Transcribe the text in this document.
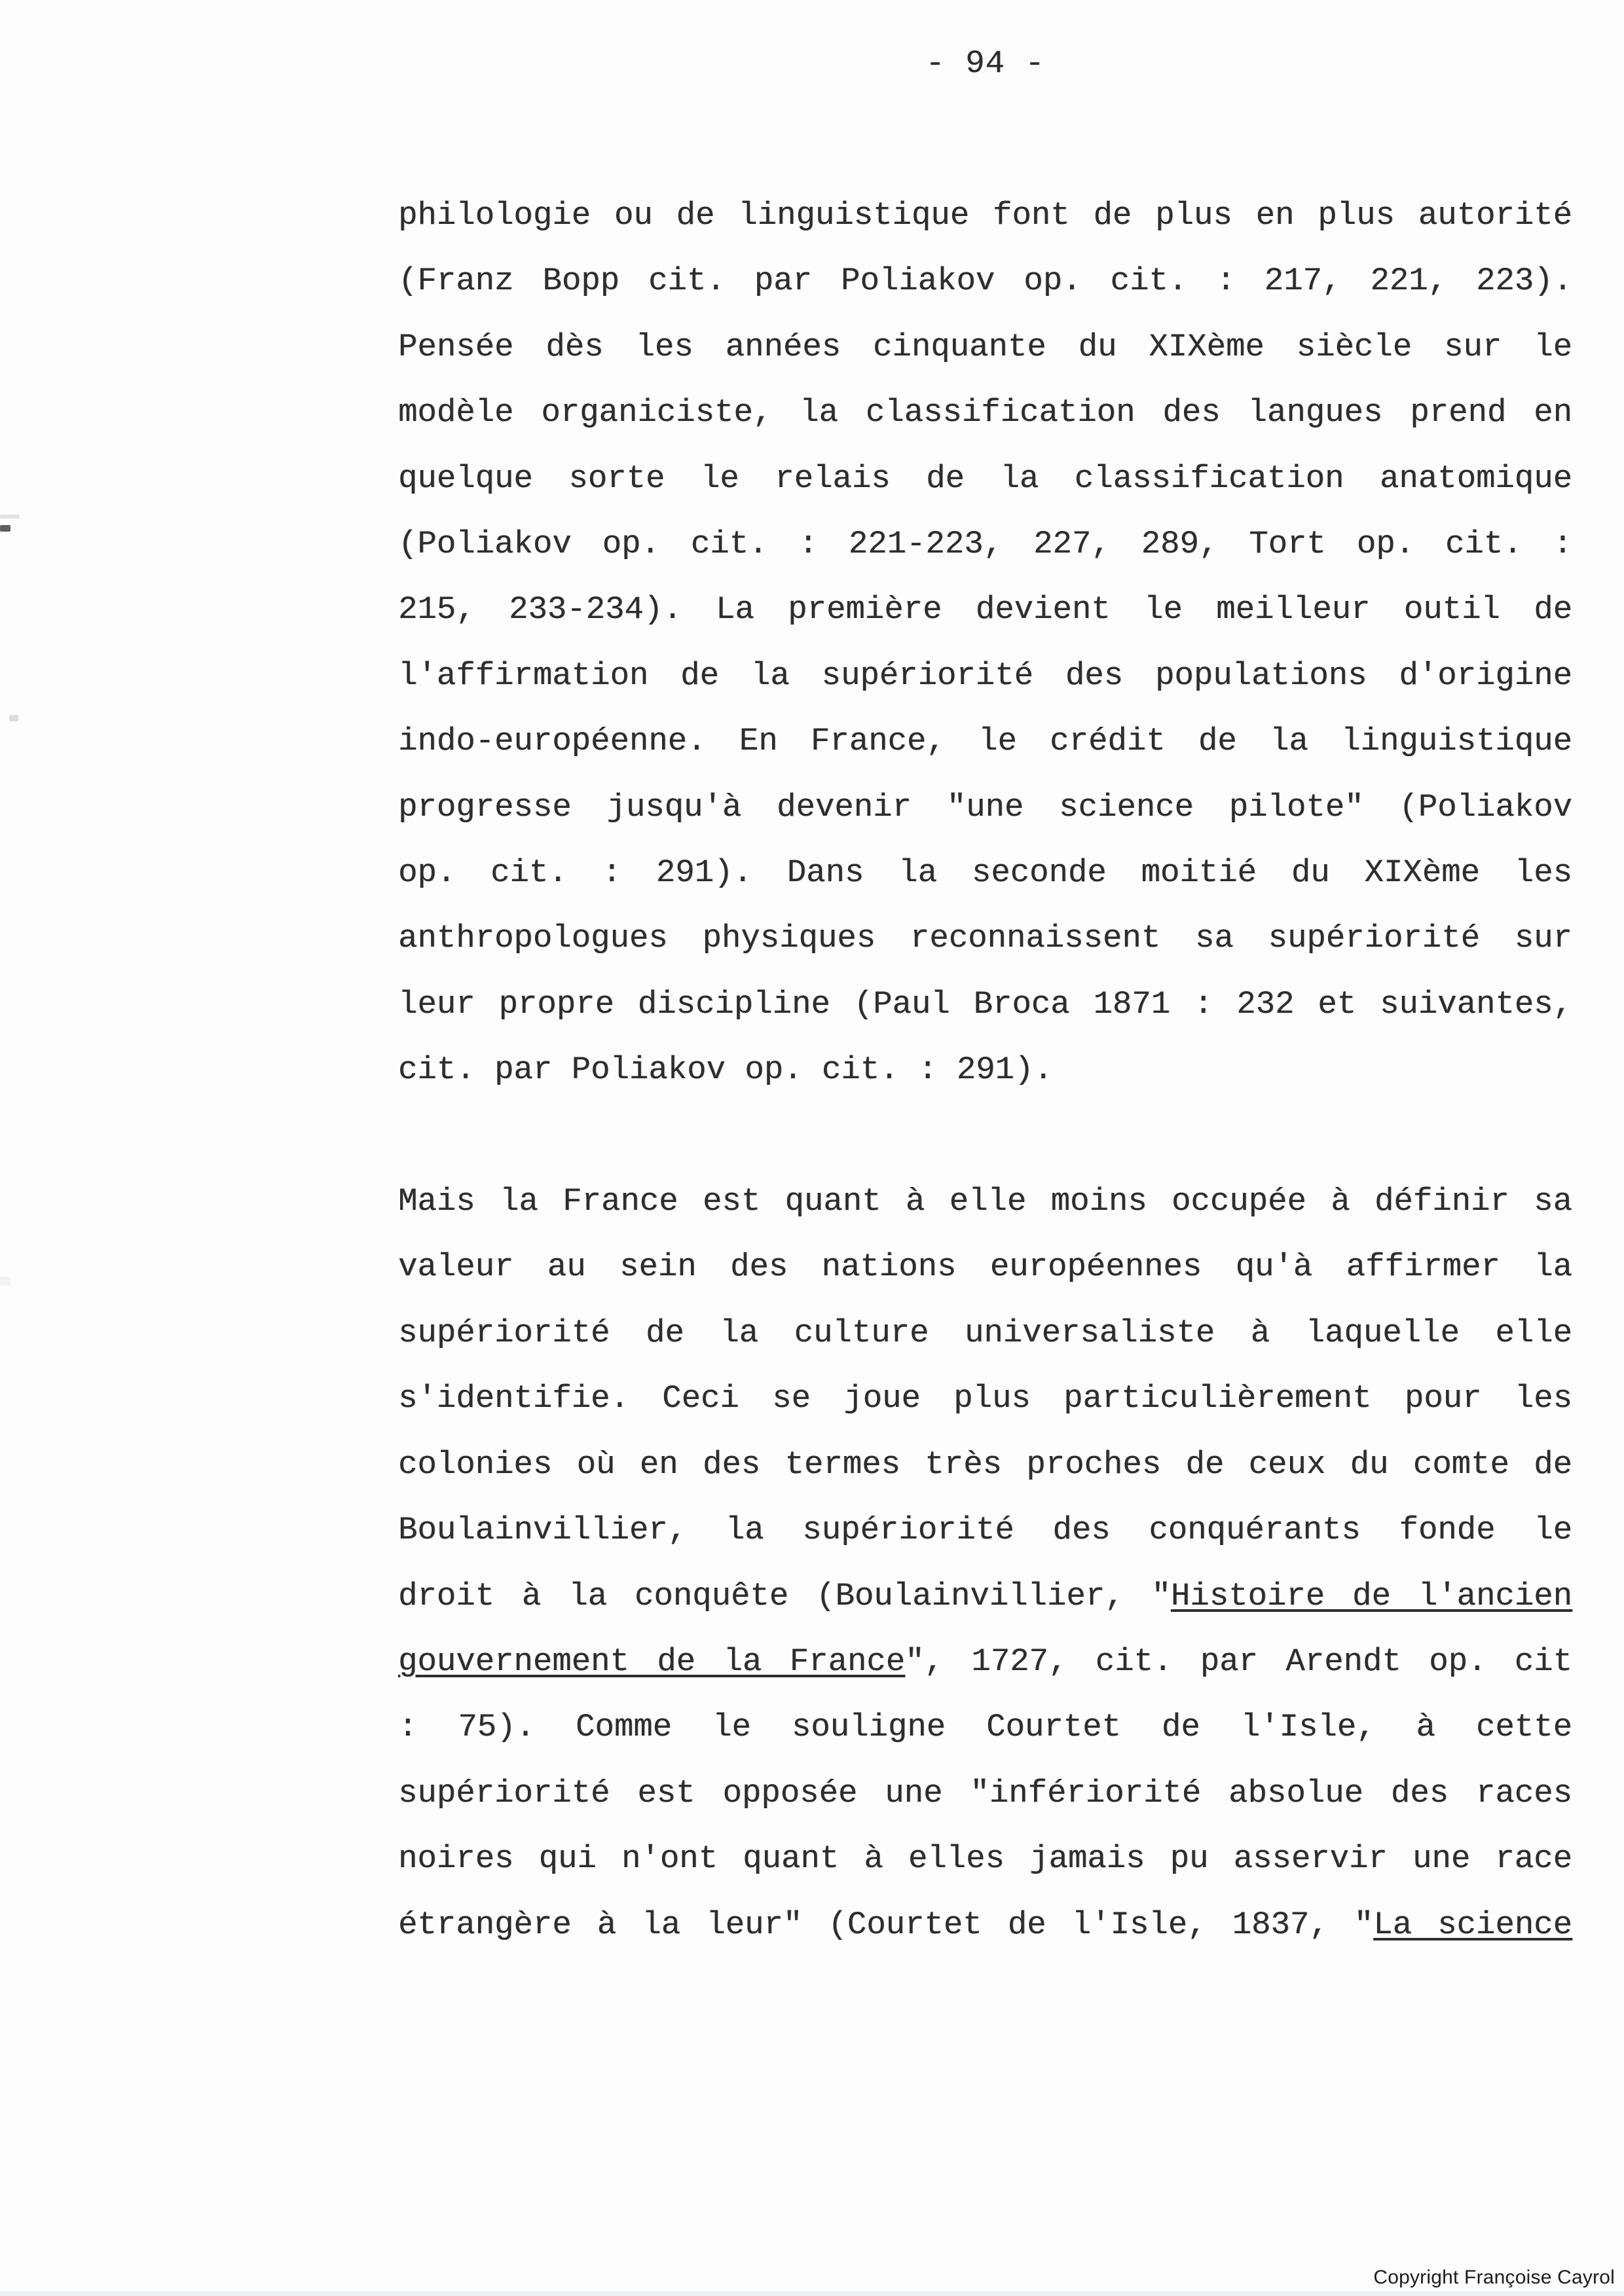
- 94 -
philologie ou de linguistique font de plus en plus autorité
(Franz Bopp cit. par Poliakov op. cit. : 217, 221, 223).
Pensée dès les années cinquante du XIXème siècle sur le
modèle organiciste, la classification des langues prend en
quelque sorte le relais de la classification anatomique
(Poliakov op. cit. : 221-223, 227, 289, Tort op. cit. :
215, 233-234). La première devient le meilleur outil de
l'affirmation de la supériorité des populations d'origine
indo-européenne. En France, le crédit de la linguistique
progresse jusqu'à devenir "une science pilote" (Poliakov
op. cit. : 291). Dans la seconde moitié du XIXème les
anthropologues physiques reconnaissent sa supériorité sur
leur propre discipline (Paul Broca 1871 : 232 et suivantes,
cit. par Poliakov op. cit. : 291).
Mais la France est quant à elle moins occupée à définir sa
valeur au sein des nations européennes qu'à affirmer la
supériorité de la culture universaliste à laquelle elle
s'identifie. Ceci se joue plus particulièrement pour les
colonies où en des termes très proches de ceux du comte de
Boulainvillier, la supériorité des conquérants fonde le
droit à la conquête (Boulainvillier, "Histoire de l'ancien
gouvernement de la France", 1727, cit. par Arendt op. cit
: 75). Comme le souligne Courtet de l'Isle, à cette
supériorité est opposée une "infériorité absolue des races
noires qui n'ont quant à elles jamais pu asservir une race
étrangère à la leur" (Courtet de l'Isle, 1837, "La science
Copyright Françoise Cayrol
